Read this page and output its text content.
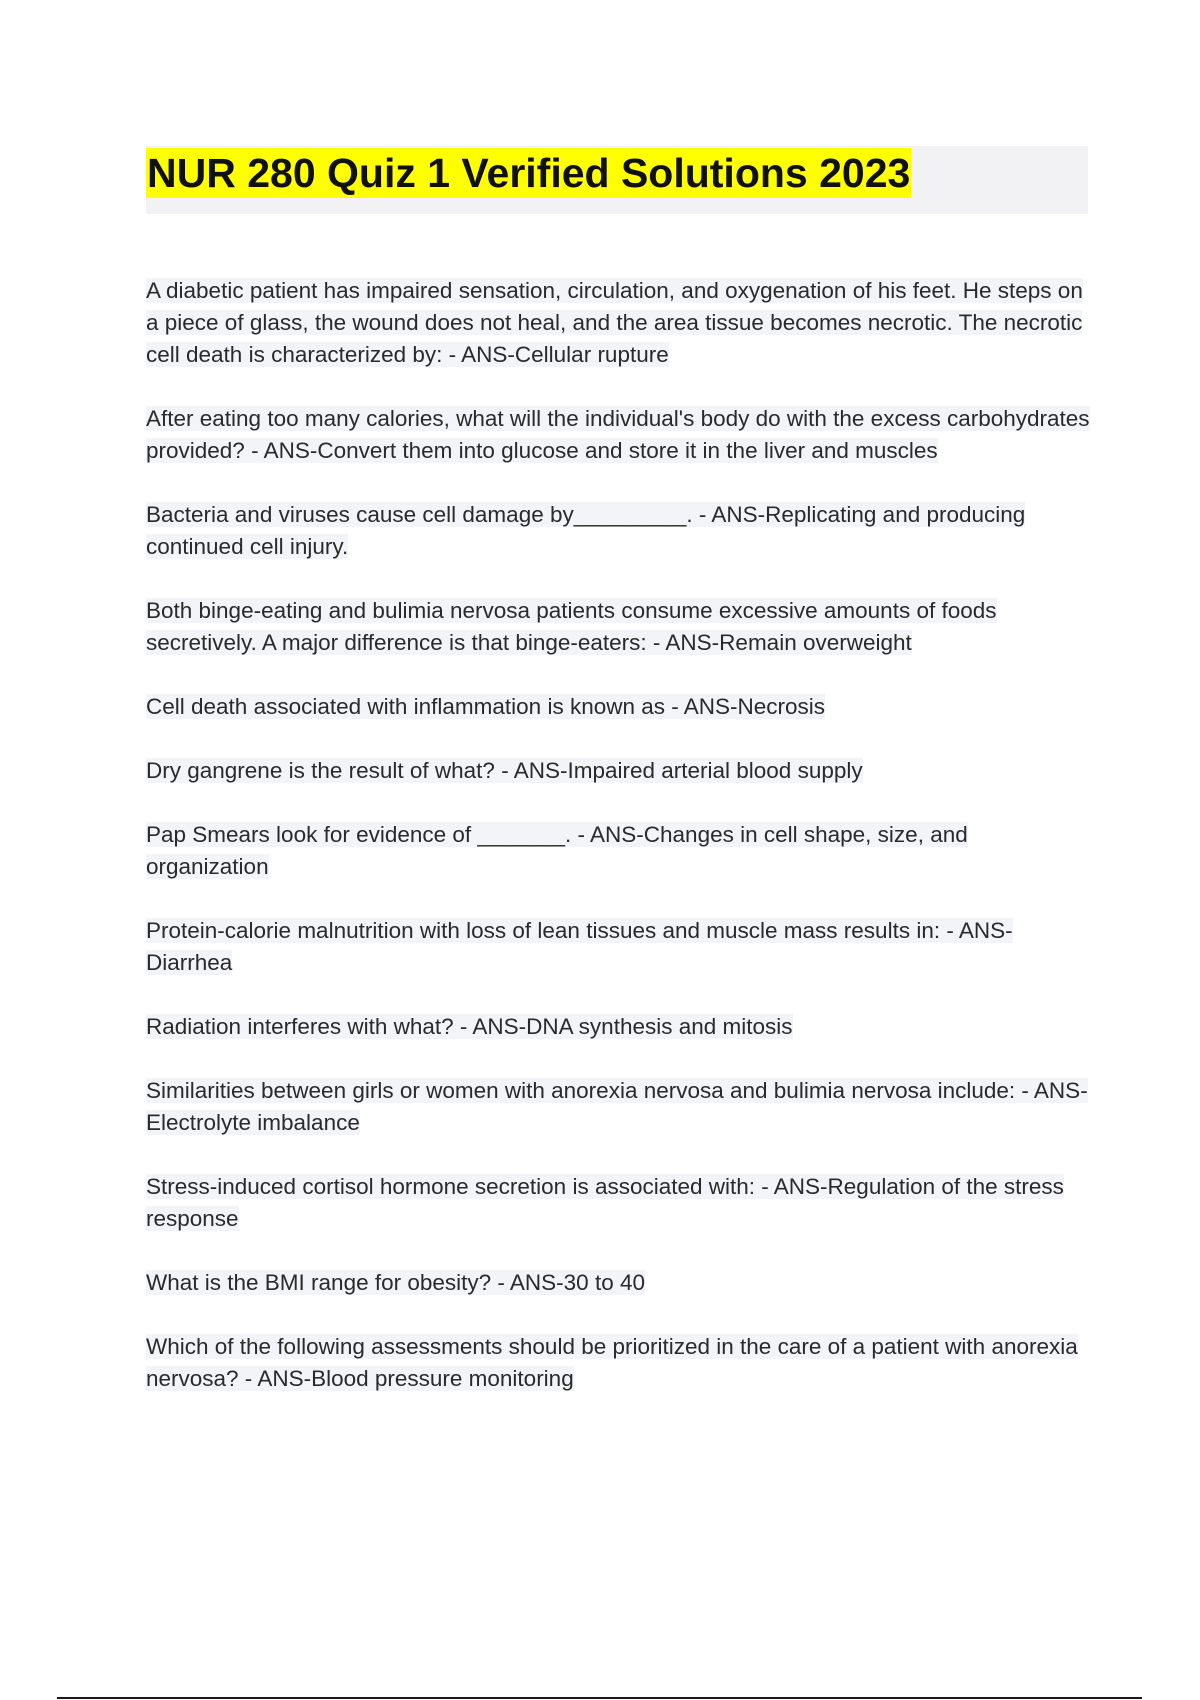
NUR 280 Quiz 1 Verified Solutions 2023

A diabetic patient has impaired sensation, circulation, and oxygenation of his feet. He steps on a piece of glass, the wound does not heal, and the area tissue becomes necrotic. The necrotic cell death is characterized by: - ANS-Cellular rupture

After eating too many calories, what will the individual's body do with the excess carbohydrates provided? - ANS-Convert them into glucose and store it in the liver and muscles

Bacteria and viruses cause cell damage by_________. - ANS-Replicating and producing continued cell injury.

Both binge-eating and bulimia nervosa patients consume excessive amounts of foods secretively. A major difference is that binge-eaters: - ANS-Remain overweight

Cell death associated with inflammation is known as - ANS-Necrosis

Dry gangrene is the result of what? - ANS-Impaired arterial blood supply

Pap Smears look for evidence of _______. - ANS-Changes in cell shape, size, and organization

Protein-calorie malnutrition with loss of lean tissues and muscle mass results in: - ANS-Diarrhea

Radiation interferes with what? - ANS-DNA synthesis and mitosis

Similarities between girls or women with anorexia nervosa and bulimia nervosa include: - ANS-Electrolyte imbalance

Stress-induced cortisol hormone secretion is associated with: - ANS-Regulation of the stress response

What is the BMI range for obesity? - ANS-30 to 40

Which of the following assessments should be prioritized in the care of a patient with anorexia nervosa? - ANS-Blood pressure monitoring
